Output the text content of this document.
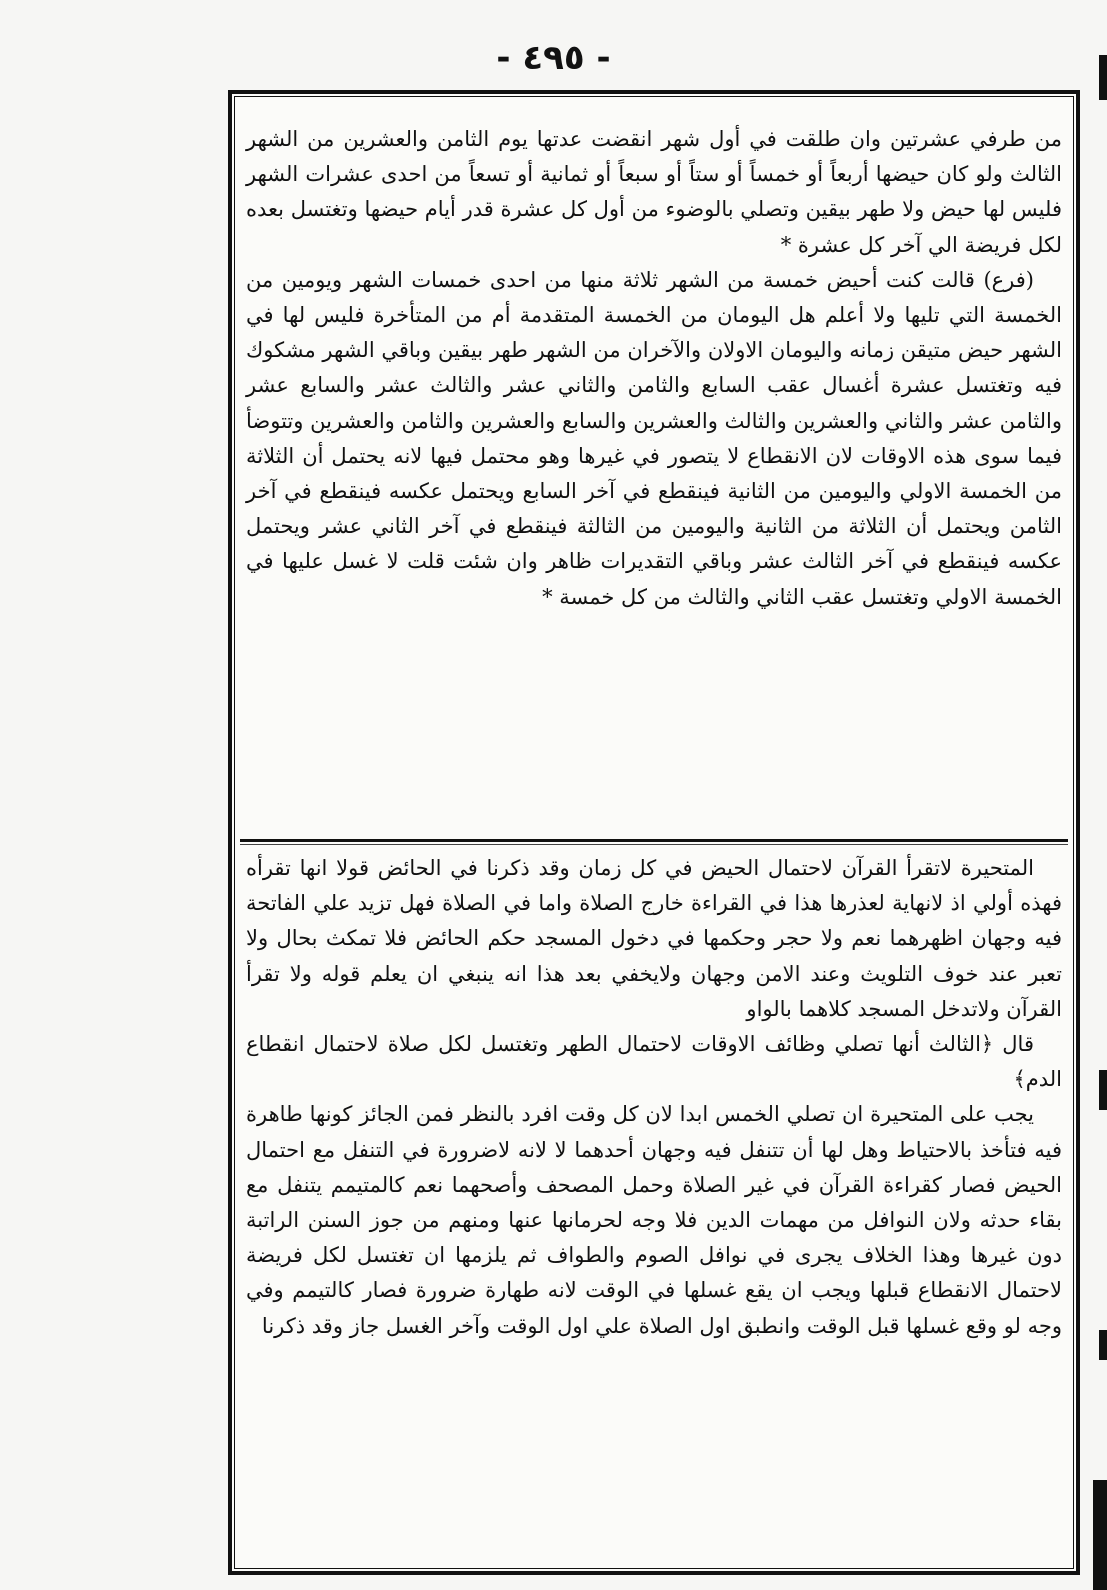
- ٤٩٥ -

من طرفي عشرتين وان طلقت في أول شهر انقضت عدتها يوم الثامن والعشرين من الشهر الثالث ولو كان حيضها أربعاً أو خمساً أو ستاً أو سبعاً أو ثمانية أو تسعاً من احدى عشرات الشهر فليس لها حيض ولا طهر بيقين وتصلي بالوضوء من أول كل عشرة قدر أيام حيضها وتغتسل بعده لكل فريضة الي آخر كل عشرة *

(فرع) قالت كنت أحيض خمسة من الشهر ثلاثة منها من احدى خمسات الشهر ويومين من الخمسة التي تليها ولا أعلم هل اليومان من الخمسة المتقدمة أم من المتأخرة فليس لها في الشهر حيض متيقن زمانه واليومان الاولان والآخران من الشهر طهر بيقين وباقي الشهر مشكوك فيه وتغتسل عشرة أغسال عقب السابع والثامن والثاني عشر والثالث عشر والسابع عشر والثامن عشر والثاني والعشرين والثالث والعشرين والسابع والعشرين والثامن والعشرين وتتوضأ فيما سوى هذه الاوقات لان الانقطاع لا يتصور في غيرها وهو محتمل فيها لانه يحتمل أن الثلاثة من الخمسة الاولي واليومين من الثانية فينقطع في آخر السابع ويحتمل عكسه فينقطع في آخر الثامن ويحتمل أن الثلاثة من الثانية واليومين من الثالثة فينقطع في آخر الثاني عشر ويحتمل عكسه فينقطع في آخر الثالث عشر وباقي التقديرات ظاهر وان شئت قلت لا غسل عليها في الخمسة الاولي وتغتسل عقب الثاني والثالث من كل خمسة *

المتحيرة لاتقرأ القرآن لاحتمال الحيض في كل زمان وقد ذكرنا في الحائض قولا انها تقرأه فهذه أولي اذ لانهاية لعذرها هذا في القراءة خارج الصلاة واما في الصلاة فهل تزيد علي الفاتحة فيه وجهان اظهرهما نعم ولا حجر وحكمها في دخول المسجد حكم الحائض فلا تمكث بحال ولا تعبر عند خوف التلويث وعند الامن وجهان ولايخفي بعد هذا انه ينبغي ان يعلم قوله ولا تقرأ القرآن ولاتدخل المسجد كلاهما بالواو

قال ﴿الثالث أنها تصلي وظائف الاوقات لاحتمال الطهر وتغتسل لكل صلاة لاحتمال انقطاع الدم﴾

يجب على المتحيرة ان تصلي الخمس ابدا لان كل وقت افرد بالنظر فمن الجائز كونها طاهرة فيه فتأخذ بالاحتياط وهل لها أن تتنفل فيه وجهان أحدهما لا لانه لاضرورة في التنفل مع احتمال الحيض فصار كقراءة القرآن في غير الصلاة وحمل المصحف وأصحهما نعم كالمتيمم يتنفل مع بقاء حدثه ولان النوافل من مهمات الدين فلا وجه لحرمانها عنها ومنهم من جوز السنن الراتبة دون غيرها وهذا الخلاف يجرى في نوافل الصوم والطواف ثم يلزمها ان تغتسل لكل فريضة لاحتمال الانقطاع قبلها ويجب ان يقع غسلها في الوقت لانه طهارة ضرورة فصار كالتيمم وفي وجه لو وقع غسلها قبل الوقت وانطبق اول الصلاة علي اول الوقت وآخر الغسل جاز وقد ذكرنا
